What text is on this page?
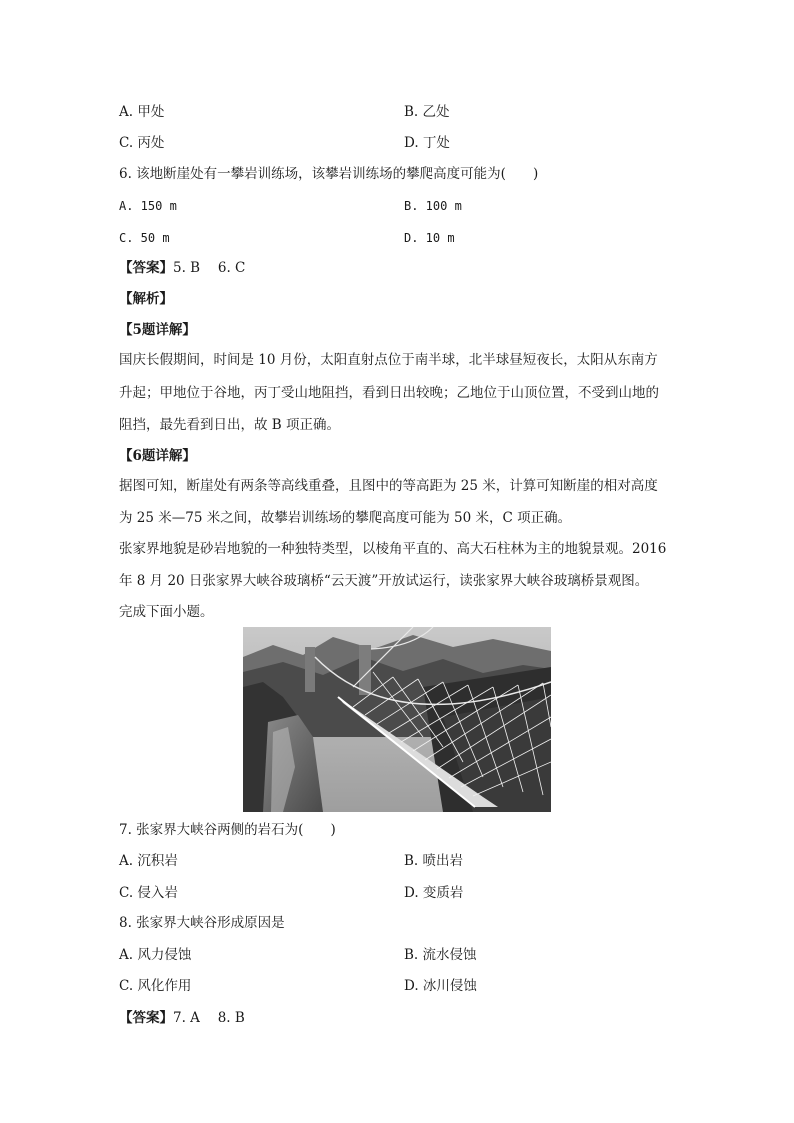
A. 甲处	B. 乙处
C. 丙处	D. 丁处
6. 该地断崖处有一攀岩训练场，该攀岩训练场的攀爬高度可能为(　　)
A. 150 m	B. 100 m
C. 50 m	D. 10 m
【答案】5. B　 6. C
【解析】
【5题详解】
国庆长假期间，时间是 10 月份，太阳直射点位于南半球，北半球昼短夜长，太阳从东南方
升起；甲地位于谷地，丙丁受山地阻挡，看到日出较晚；乙地位于山顶位置，不受到山地的
阻挡，最先看到日出，故 B 项正确。
【6题详解】
据图可知，断崖处有两条等高线重叠，且图中的等高距为 25 米，计算可知断崖的相对高度
为 25 米—75 米之间，故攀岩训练场的攀爬高度可能为 50 米，C 项正确。
张家界地貌是砂岩地貌的一种独特类型，以棱角平直的、高大石柱林为主的地貌景观。2016
年 8 月 20 日张家界大峡谷玻璃桥“云天渡”开放试运行，读张家界大峡谷玻璃桥景观图。
完成下面小题。
7. 张家界大峡谷两侧的岩石为(　　)
A. 沉积岩	B. 喷出岩
C. 侵入岩	D. 变质岩
8. 张家界大峡谷形成原因是
A. 风力侵蚀	B. 流水侵蚀
C. 风化作用	D. 冰川侵蚀
【答案】7. A　 8. B
